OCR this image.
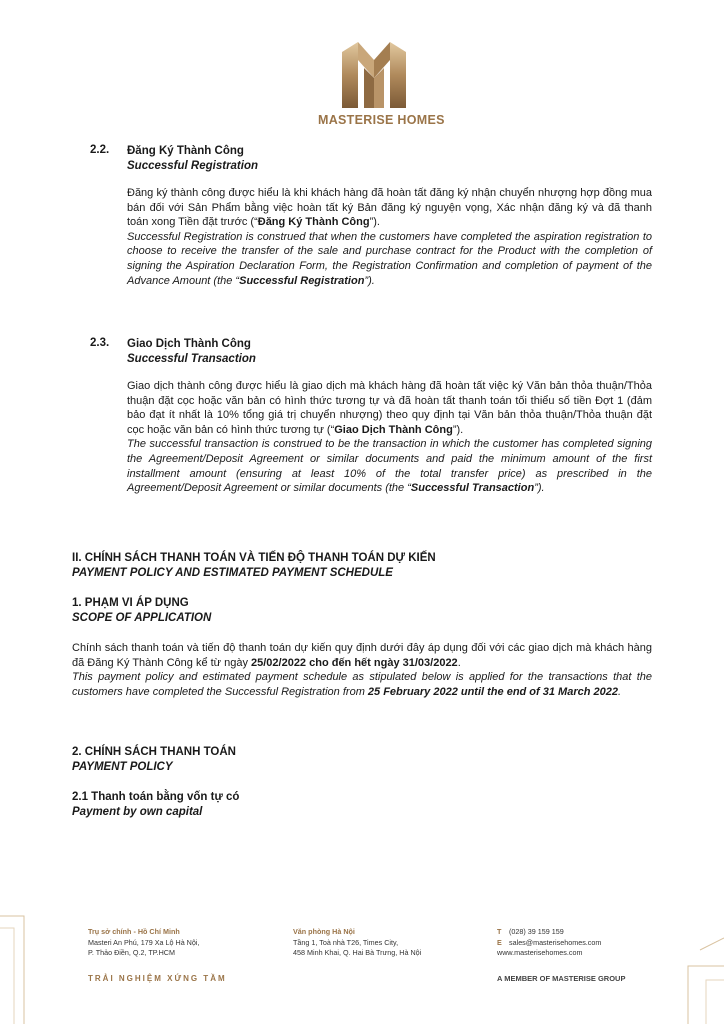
MASTERISE HOMES
2.2. Đăng Ký Thành Công
Successful Registration
Đăng ký thành công được hiểu là khi khách hàng đã hoàn tất đăng ký nhận chuyển nhượng hợp đồng mua bán đối với Sản Phẩm bằng việc hoàn tất ký Bản đăng ký nguyện vọng, Xác nhận đăng ký và đã thanh toán xong Tiền đặt trước (“Đăng Ký Thành Công”).
Successful Registration is construed that when the customers have completed the aspiration registration to choose to receive the transfer of the sale and purchase contract for the Product with the completion of signing the Aspiration Declaration Form, the Registration Confirmation and completion of payment of the Advance Amount (the “Successful Registration”).
2.3. Giao Dịch Thành Công
Successful Transaction
Giao dịch thành công được hiểu là giao dịch mà khách hàng đã hoàn tất việc ký Văn bản thỏa thuận/Thỏa thuận đặt cọc hoặc văn bản có hình thức tương tự và đã hoàn tất thanh toán tối thiểu số tiền Đợt 1 (đảm bảo đạt ít nhất là 10% tổng giá trị chuyển nhượng) theo quy định tại Văn bản thỏa thuận/Thỏa thuận đặt cọc hoặc văn bản có hình thức tương tự (“Giao Dịch Thành Công”).
The successful transaction is construed to be the transaction in which the customer has completed signing the Agreement/Deposit Agreement or similar documents and paid the minimum amount of the first installment amount (ensuring at least 10% of the total transfer price) as prescribed in the Agreement/Deposit Agreement or similar documents (the “Successful Transaction”).
II. CHÍNH SÁCH THANH TOÁN VÀ TIẾN ĐỘ THANH TOÁN DỰ KIẾN
PAYMENT POLICY AND ESTIMATED PAYMENT SCHEDULE
1. PHẠM VI ÁP DỤNG
SCOPE OF APPLICATION
Chính sách thanh toán và tiến độ thanh toán dự kiến quy định dưới đây áp dụng đối với các giao dịch mà khách hàng đã Đăng Ký Thành Công kể từ ngày 25/02/2022 cho đến hết ngày 31/03/2022.
This payment policy and estimated payment schedule as stipulated below is applied for the transactions that the customers have completed the Successful Registration from 25 February 2022 until the end of 31 March 2022.
2. CHÍNH SÁCH THANH TOÁN
PAYMENT POLICY
2.1 Thanh toán bằng vốn tự có
Payment by own capital
Trụ sở chính - Hồ Chí Minh
Masteri An Phú, 179 Xa Lộ Hà Nội,
P. Thảo Điền, Q.2, TP.HCM
Văn phòng Hà Nội
Tầng 1, Toà nhà T26, Times City,
458 Minh Khai, Q. Hai Bà Trưng, Hà Nội
T (028) 39 159 159
E sales@masterisehomes.com
www.masterisehomes.com
TRẢI NGHIỆM XỨNG TẦM	A MEMBER OF MASTERISE GROUP
